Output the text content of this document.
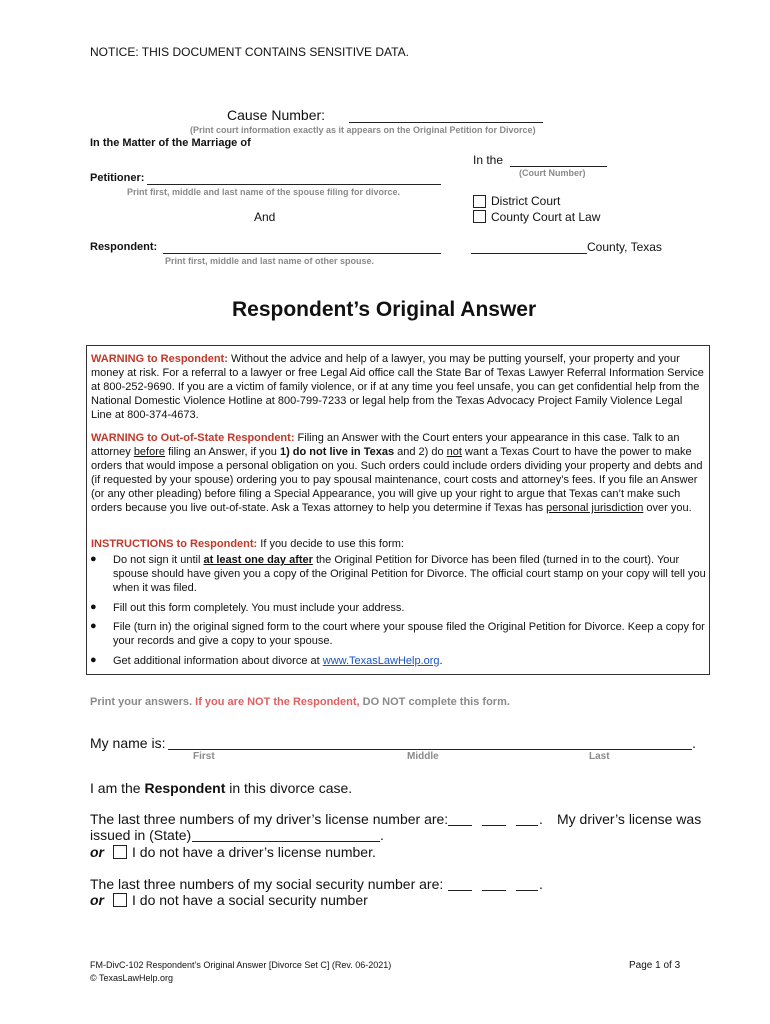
NOTICE: THIS DOCUMENT CONTAINS SENSITIVE DATA.
Cause Number:
(Print court information exactly as it appears on the Original Petition for Divorce)
In the Matter of the Marriage of
In the
(Court Number)
Petitioner:
Print first, middle and last name of the spouse filing for divorce.
District Court
And	County Court at Law
Respondent:
Print first, middle and last name of other spouse.
County, Texas
Respondent’s Original Answer
WARNING to Respondent: Without the advice and help of a lawyer, you may be putting yourself, your property and your money at risk. For a referral to a lawyer or free Legal Aid office call the State Bar of Texas Lawyer Referral Information Service at 800-252-9690. If you are a victim of family violence, or if at any time you feel unsafe, you can get confidential help from the National Domestic Violence Hotline at 800-799-7233 or legal help from the Texas Advocacy Project Family Violence Legal Line at 800-374-4673.
WARNING to Out-of-State Respondent: Filing an Answer with the Court enters your appearance in this case. Talk to an attorney before filing an Answer, if you 1) do not live in Texas and 2) do not want a Texas Court to have the power to make orders that would impose a personal obligation on you. Such orders could include orders dividing your property and debts and (if requested by your spouse) ordering you to pay spousal maintenance, court costs and attorney’s fees. If you file an Answer (or any other pleading) before filing a Special Appearance, you will give up your right to argue that Texas can’t make such orders because you live out-of-state. Ask a Texas attorney to help you determine if Texas has personal jurisdiction over you.
INSTRUCTIONS to Respondent: If you decide to use this form:
● Do not sign it until at least one day after the Original Petition for Divorce has been filed (turned in to the court). Your spouse should have given you a copy of the Original Petition for Divorce. The official court stamp on your copy will tell you when it was filed.
● Fill out this form completely. You must include your address.
● File (turn in) the original signed form to the court where your spouse filed the Original Petition for Divorce. Keep a copy for your records and give a copy to your spouse.
● Get additional information about divorce at www.TexasLawHelp.org.
Print your answers. If you are NOT the Respondent, DO NOT complete this form.
My name is:	.
First	Middle	Last
I am the Respondent in this divorce case.
The last three numbers of my driver’s license number are:	. My driver’s license was
issued in (State)	.
or I do not have a driver’s license number.
The last three numbers of my social security number are:	.
or I do not have a social security number
FM-DivC-102 Respondent’s Original Answer [Divorce Set C] (Rev. 06-2021)
© TexasLawHelp.org
Page 1 of 3
